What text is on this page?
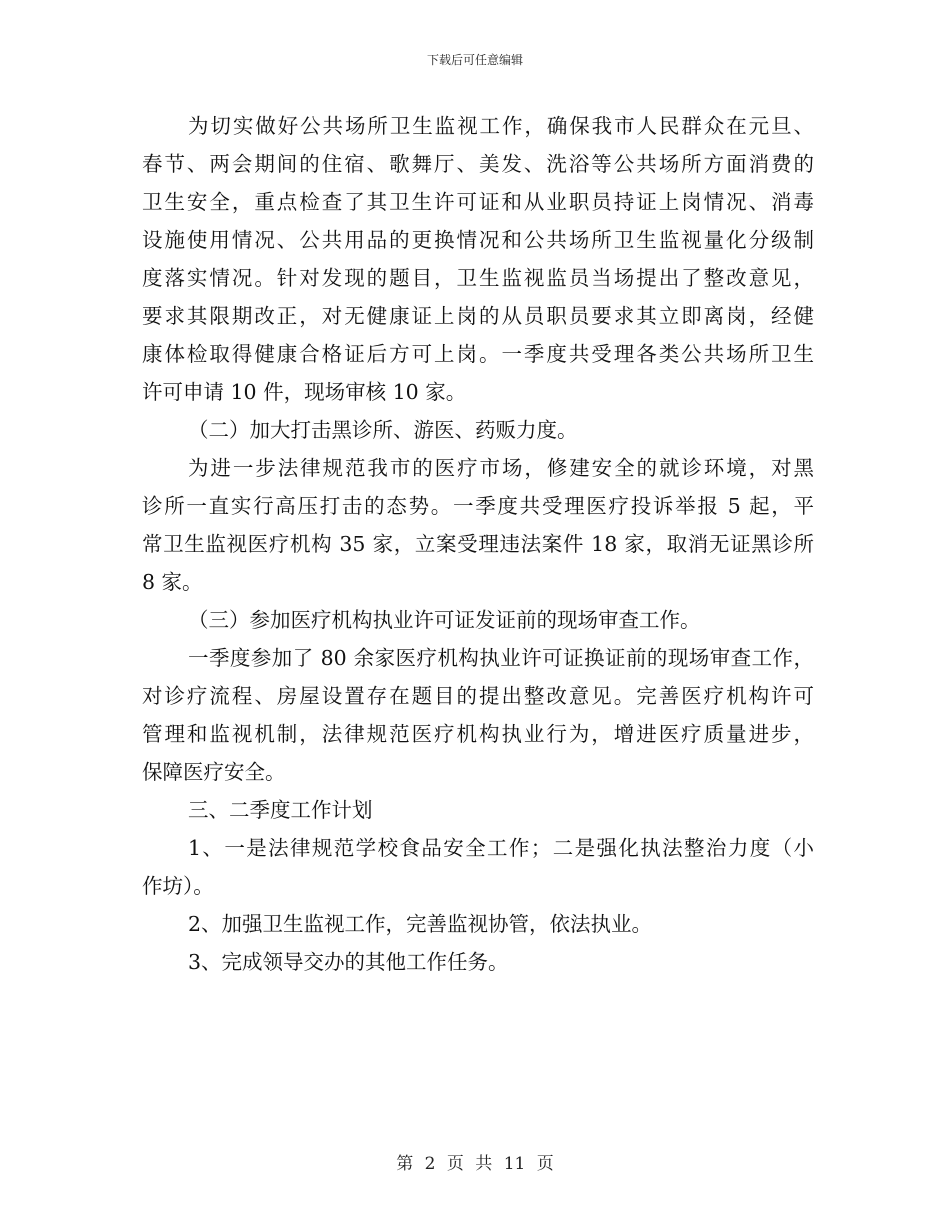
下载后可任意编辑
为切实做好公共场所卫生监视工作，确保我市人民群众在元旦、
春节、两会期间的住宿、歌舞厅、美发、洗浴等公共场所方面消费的
卫生安全，重点检查了其卫生许可证和从业职员持证上岗情况、消毒
设施使用情况、公共用品的更换情况和公共场所卫生监视量化分级制
度落实情况。针对发现的题目，卫生监视监员当场提出了整改意见，
要求其限期改正，对无健康证上岗的从员职员要求其立即离岗，经健
康体检取得健康合格证后方可上岗。一季度共受理各类公共场所卫生
许可申请 10 件，现场审核 10 家。
（二）加大打击黑诊所、游医、药贩力度。
为进一步法律规范我市的医疗市场，修建安全的就诊环境，对黑
诊所一直实行高压打击的态势。一季度共受理医疗投诉举报 5 起，平
常卫生监视医疗机构 35 家，立案受理违法案件 18 家，取消无证黑诊所
8 家。
（三）参加医疗机构执业许可证发证前的现场审查工作。
一季度参加了 80 余家医疗机构执业许可证换证前的现场审查工作，
对诊疗流程、房屋设置存在题目的提出整改意见。完善医疗机构许可
管理和监视机制，法律规范医疗机构执业行为，增进医疗质量进步，
保障医疗安全。
三、二季度工作计划
1、一是法律规范学校食品安全工作；二是强化执法整治力度（小
作坊）。
2、加强卫生监视工作，完善监视协管，依法执业。
3、完成领导交办的其他工作任务。
第 2 页 共 11 页
